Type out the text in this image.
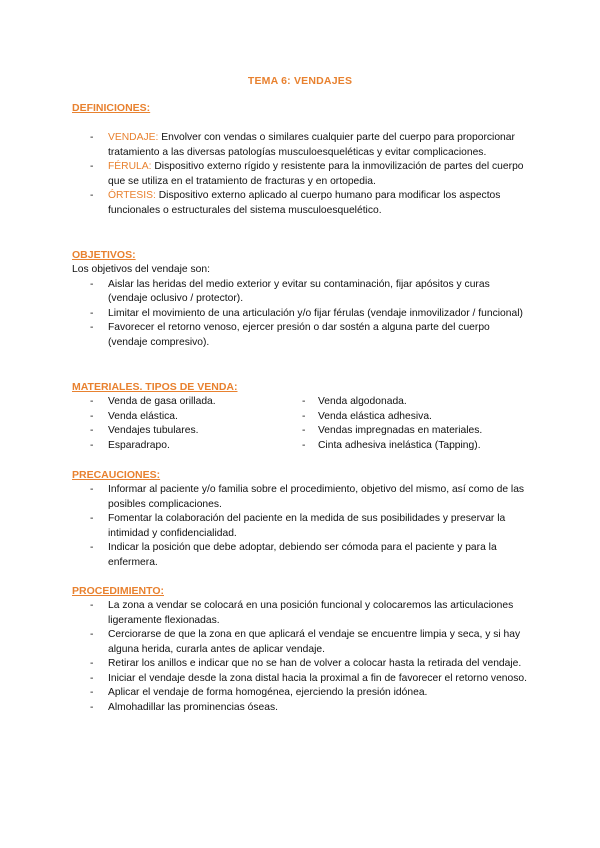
TEMA 6: VENDAJES
DEFINICIONES:
- VENDAJE: Envolver con vendas o similares cualquier parte del cuerpo para proporcionar tratamiento a las diversas patologías musculoesqueléticas y evitar complicaciones.
- FÉRULA: Dispositivo externo rígido y resistente para la inmovilización de partes del cuerpo que se utiliza en el tratamiento de fracturas y en ortopedia.
- ÓRTESIS: Dispositivo externo aplicado al cuerpo humano para modificar los aspectos funcionales o estructurales del sistema musculoesquelético.
OBJETIVOS:

Los objetivos del vendaje son:

- Aislar las heridas del medio exterior y evitar su contaminación, fijar apósitos y curas (vendaje oclusivo / protector).
- Limitar el movimiento de una articulación y/o fijar férulas (vendaje inmovilizador / funcional)
- Favorecer el retorno venoso, ejercer presión o dar sostén a alguna parte del cuerpo (vendaje compresivo).
MATERIALES. TIPOS DE VENDA:
- Venda de gasa orillada.
- Venda elástica.
- Vendajes tubulares.
- Esparadrapo.
- Venda algodonada.
- Venda elástica adhesiva.
- Vendas impregnadas en materiales.
- Cinta adhesiva inelástica (Tapping).
PRECAUCIONES:
- Informar al paciente y/o familia sobre el procedimiento, objetivo del mismo, así como de las posibles complicaciones.
- Fomentar la colaboración del paciente en la medida de sus posibilidades y preservar la intimidad y confidencialidad.
- Indicar la posición que debe adoptar, debiendo ser cómoda para el paciente y para la enfermera.
PROCEDIMIENTO:
- La zona a vendar se colocará en una posición funcional y colocaremos las articulaciones ligeramente flexionadas.
- Cerciorarse de que la zona en que aplicará el vendaje se encuentre limpia y seca, y si hay alguna herida, curarla antes de aplicar vendaje.
- Retirar los anillos e indicar que no se han de volver a colocar hasta la retirada del vendaje.
- Iniciar el vendaje desde la zona distal hacia la proximal a fin de favorecer el retorno venoso.
- Aplicar el vendaje de forma homogénea, ejerciendo la presión idónea.
- Almohadillar las prominencias óseas.
